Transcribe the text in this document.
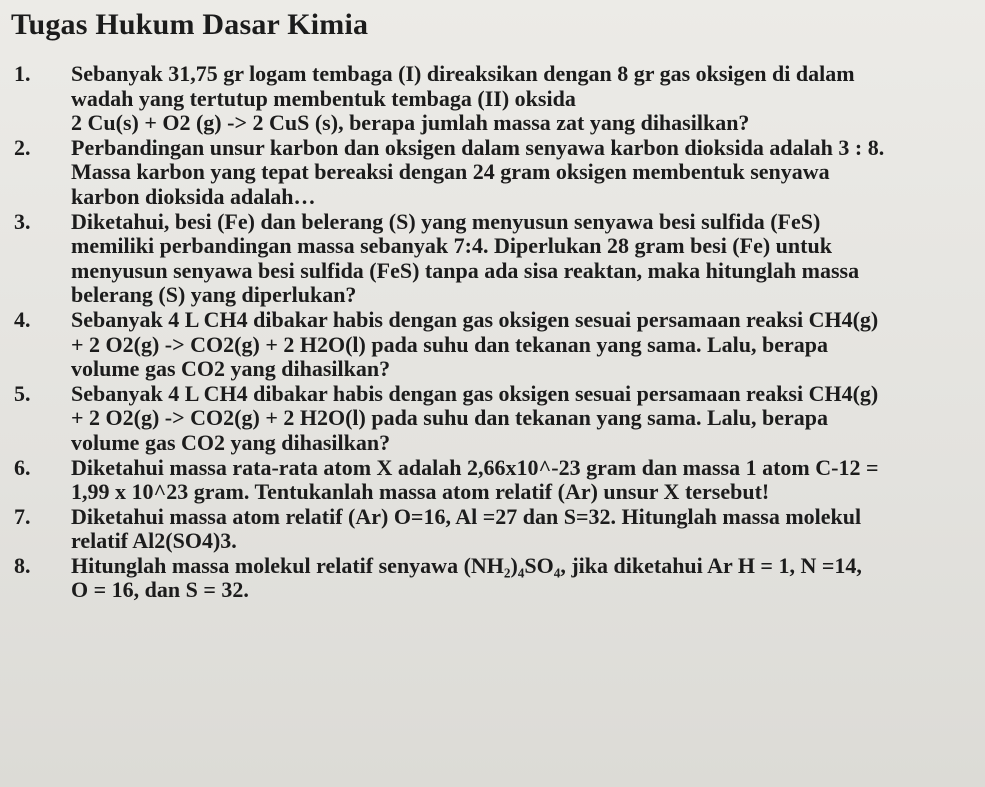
Tugas Hukum Dasar Kimia
1.	Sebanyak 31,75 gr logam tembaga (I) direaksikan dengan 8 gr gas oksigen di dalam
wadah yang tertutup membentuk tembaga (II) oksida
2 Cu(s) + O2 (g) -> 2 CuS (s), berapa jumlah massa zat yang dihasilkan?
2.	Perbandingan unsur karbon dan oksigen dalam senyawa karbon dioksida adalah 3 : 8.
Massa karbon yang tepat bereaksi dengan 24 gram oksigen membentuk senyawa
karbon dioksida adalah…
3.	Diketahui, besi (Fe) dan belerang (S) yang menyusun senyawa besi sulfida (FeS)
memiliki perbandingan massa sebanyak 7:4. Diperlukan 28 gram besi (Fe) untuk
menyusun senyawa besi sulfida (FeS) tanpa ada sisa reaktan, maka hitunglah massa
belerang (S) yang diperlukan?
4.	Sebanyak 4 L CH4 dibakar habis dengan gas oksigen sesuai persamaan reaksi CH4(g)
+ 2 O2(g) -> CO2(g) + 2 H2O(l) pada suhu dan tekanan yang sama. Lalu, berapa
volume gas CO2 yang dihasilkan?
5.	Sebanyak 4 L CH4 dibakar habis dengan gas oksigen sesuai persamaan reaksi CH4(g)
+ 2 O2(g) -> CO2(g) + 2 H2O(l) pada suhu dan tekanan yang sama. Lalu, berapa
volume gas CO2 yang dihasilkan?
6.	Diketahui massa rata-rata atom X adalah 2,66x10^-23 gram dan massa 1 atom C-12 =
1,99 x 10^23 gram. Tentukanlah massa atom relatif (Ar) unsur X tersebut!
7.	Diketahui massa atom relatif (Ar) O=16, Al =27 dan S=32. Hitunglah massa molekul
relatif Al2(SO4)3.
8.	Hitunglah massa molekul relatif senyawa (NH₂)₄SO₄, jika diketahui Ar H = 1, N =14,
O = 16, dan S = 32.
